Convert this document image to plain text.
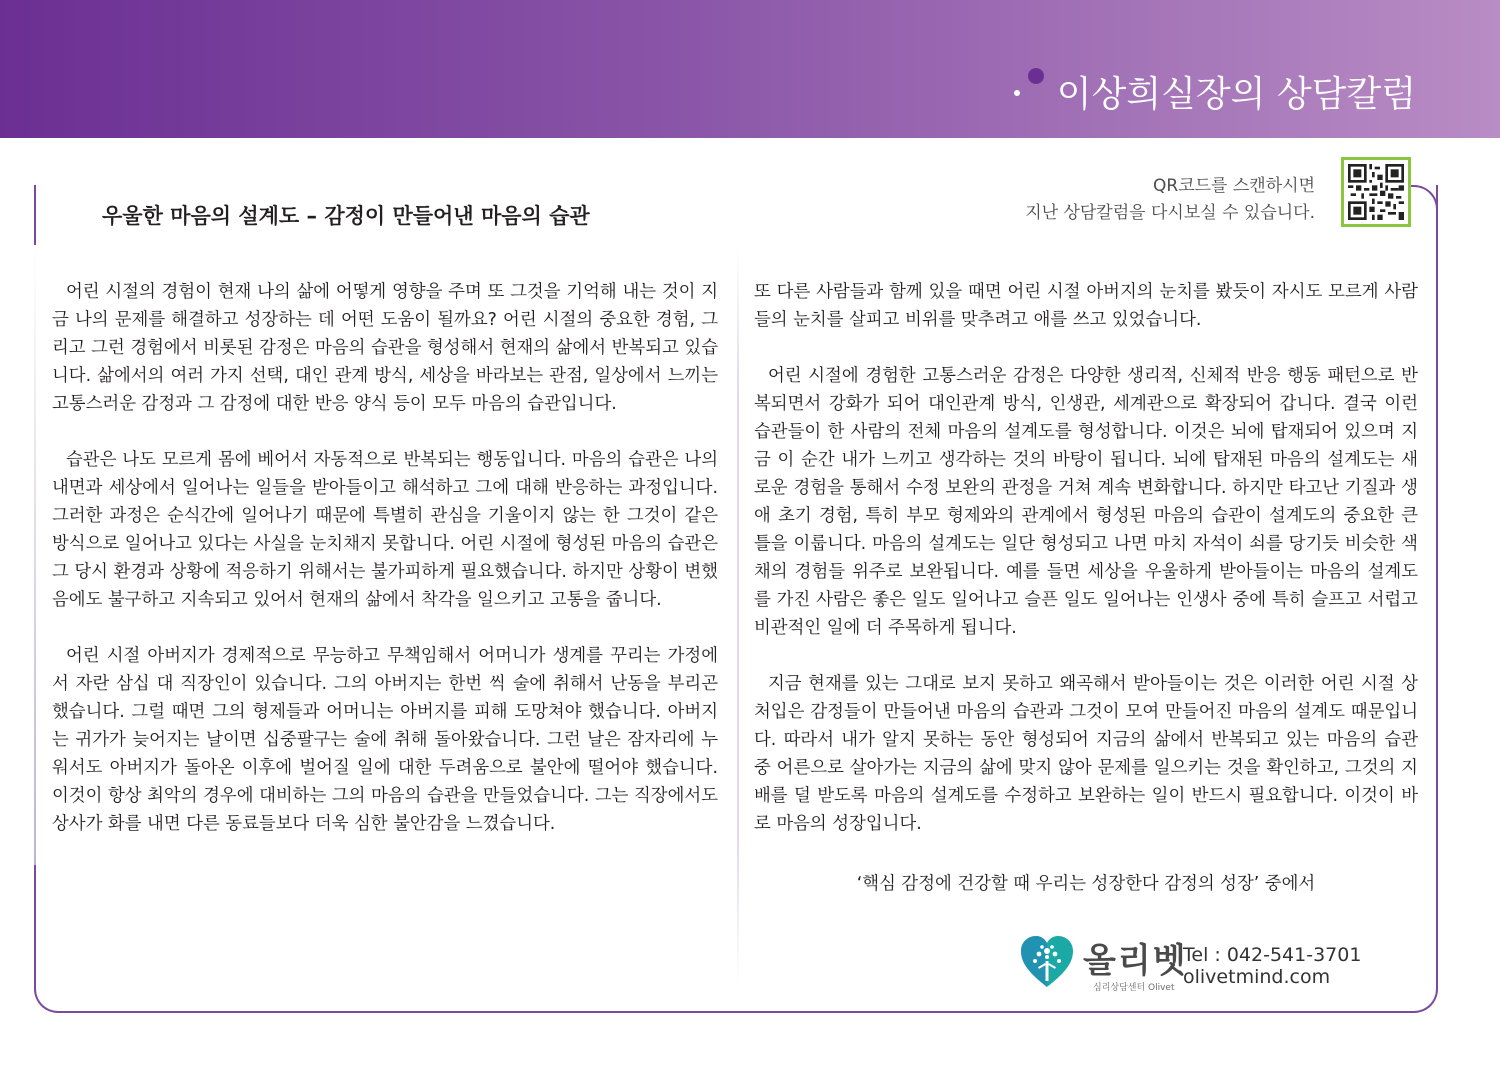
이상희실장의 상담칼럼
우울한 마음의 설계도 – 감정이 만들어낸 마음의 습관
QR코드를 스캔하시면
지난 상담칼럼을 다시보실 수 있습니다.

어린 시절의 경험이 현재 나의 삶에 어떻게 영향을 주며 또 그것을 기억해 내는 것이 지금 나의 문제를 해결하고 성장하는 데 어떤 도움이 될까요? 어린 시절의 중요한 경험, 그리고 그런 경험에서 비롯된 감정은 마음의 습관을 형성해서 현재의 삶에서 반복되고 있습니다. 삶에서의 여러 가지 선택, 대인 관계 방식, 세상을 바라보는 관점, 일상에서 느끼는 고통스러운 감정과 그 감정에 대한 반응 양식 등이 모두 마음의 습관입니다.

습관은 나도 모르게 몸에 베어서 자동적으로 반복되는 행동입니다. 마음의 습관은 나의 내면과 세상에서 일어나는 일들을 받아들이고 해석하고 그에 대해 반응하는 과정입니다. 그러한 과정은 순식간에 일어나기 때문에 특별히 관심을 기울이지 않는 한 그것이 같은 방식으로 일어나고 있다는 사실을 눈치채지 못합니다. 어린 시절에 형성된 마음의 습관은 그 당시 환경과 상황에 적응하기 위해서는 불가피하게 필요했습니다. 하지만 상황이 변했음에도 불구하고 지속되고 있어서 현재의 삶에서 착각을 일으키고 고통을 줍니다.

어린 시절 아버지가 경제적으로 무능하고 무책임해서 어머니가 생계를 꾸리는 가정에서 자란 삼십 대 직장인이 있습니다. 그의 아버지는 한번 씩 술에 취해서 난동을 부리곤 했습니다. 그럴 때면 그의 형제들과 어머니는 아버지를 피해 도망쳐야 했습니다. 아버지는 귀가가 늦어지는 날이면 십중팔구는 술에 취해 돌아왔습니다. 그런 날은 잠자리에 누워서도 아버지가 돌아온 이후에 벌어질 일에 대한 두려움으로 불안에 떨어야 했습니다. 이것이 항상 최악의 경우에 대비하는 그의 마음의 습관을 만들었습니다. 그는 직장에서도 상사가 화를 내면 다른 동료들보다 더욱 심한 불안감을 느꼈습니다.

또 다른 사람들과 함께 있을 때면 어린 시절 아버지의 눈치를 봤듯이 자시도 모르게 사람들의 눈치를 살피고 비위를 맞추려고 애를 쓰고 있었습니다.

어린 시절에 경험한 고통스러운 감정은 다양한 생리적, 신체적 반응 행동 패턴으로 반복되면서 강화가 되어 대인관계 방식, 인생관, 세계관으로 확장되어 갑니다. 결국 이런 습관들이 한 사람의 전체 마음의 설계도를 형성합니다. 이것은 뇌에 탑재되어 있으며 지금 이 순간 내가 느끼고 생각하는 것의 바탕이 됩니다. 뇌에 탑재된 마음의 설계도는 새로운 경험을 통해서 수정 보완의 관정을 거쳐 계속 변화합니다. 하지만 타고난 기질과 생애 초기 경험, 특히 부모 형제와의 관계에서 형성된 마음의 습관이 설계도의 중요한 큰 틀을 이룹니다. 마음의 설계도는 일단 형성되고 나면 마치 자석이 쇠를 당기듯 비슷한 색채의 경험들 위주로 보완됩니다. 예를 들면 세상을 우울하게 받아들이는 마음의 설계도를 가진 사람은 좋은 일도 일어나고 슬픈 일도 일어나는 인생사 중에 특히 슬프고 서럽고 비관적인 일에 더 주목하게 됩니다.

지금 현재를 있는 그대로 보지 못하고 왜곡해서 받아들이는 것은 이러한 어린 시절 상처입은 감정들이 만들어낸 마음의 습관과 그것이 모여 만들어진 마음의 설계도 때문입니다. 따라서 내가 알지 못하는 동안 형성되어 지금의 삶에서 반복되고 있는 마음의 습관 중 어른으로 살아가는 지금의 삶에 맞지 않아 문제를 일으키는 것을 확인하고, 그것의 지배를 덜 받도록 마음의 설계도를 수정하고 보완하는 일이 반드시 필요합니다. 이것이 바로 마음의 성장입니다.

‘핵심 감정에 건강할 때 우리는 성장한다 감정의 성장’ 중에서
올리벳
심리상담센터 Olivet
Tel : 042-541-3701
olivetmind.com
